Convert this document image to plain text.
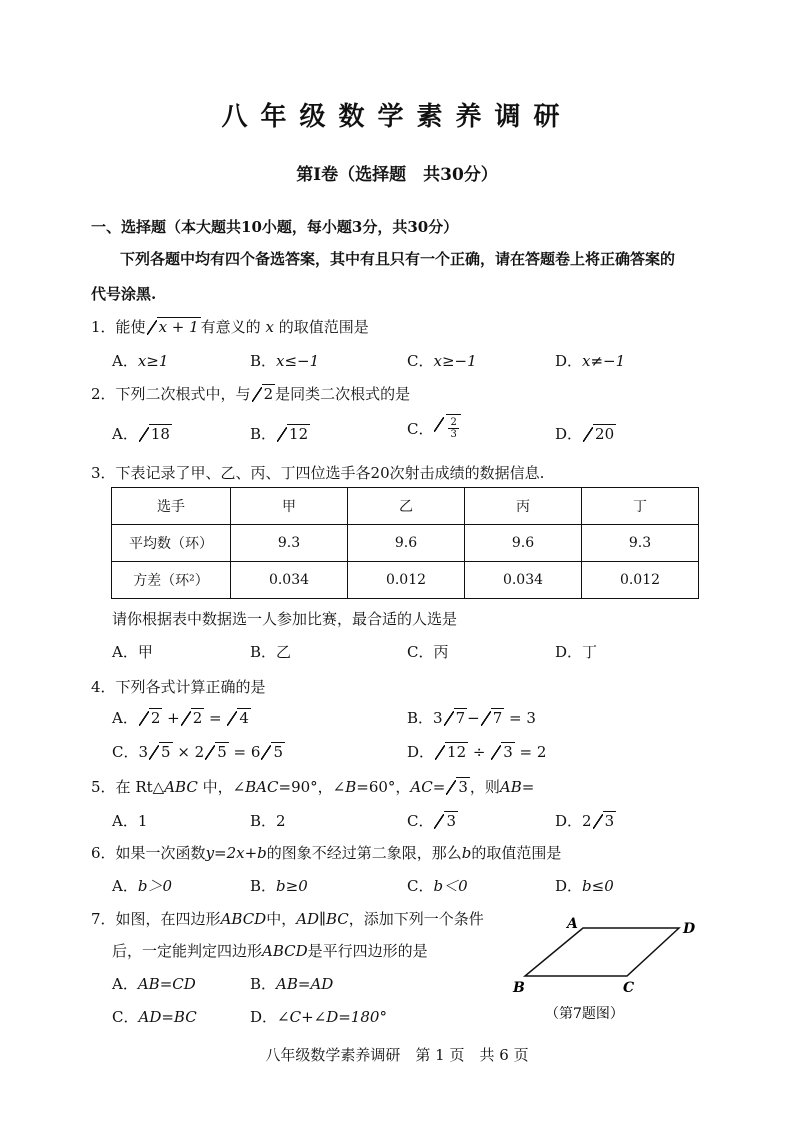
八年级数学素养调研
第Ⅰ卷（选择题　共30分）
一、选择题（本大题共10小题，每小题3分，共30分）
下列各题中均有四个备选答案，其中有且只有一个正确，请在答题卷上将正确答案的
代号涂黑.
1．能使 x + 1 有意义的 x 的取值范围是
A．x≥1	B．x≤−1	C．x≥−1	D．x≠−1
2．下列二次根式中，与 2 是同类二次根式的是
A． 18	B． 12	C． $\frac{2}{3}$	D． 20
3．下表记录了甲、乙、丙、丁四位选手各20次射击成绩的数据信息.
选手	甲	乙	丙	丁
平均数（环）	9.3	9.6	9.6	9.3
方差（环²）	0.034	0.012	0.034	0.012
请你根据表中数据选一人参加比赛，最合适的人选是
A．甲	B．乙	C．丙	D．丁
4．下列各式计算正确的是
A． 2 + 2 = 4	B．3 7 − 7 = 3
C．3 5 × 2 5 = 6 5	D． 12 ÷ 3 = 2
5．在 Rt△ABC 中，∠BAC=90°，∠B=60°，AC= 3 ，则AB=
A．1	B．2	C． 3	D．2 3
6．如果一次函数y=2x+b的图象不经过第二象限，那么b的取值范围是
A．b＞0	B．b≥0	C．b＜0	D．b≤0
7．如图，在四边形ABCD中，AD∥BC，添加下列一个条件
后，一定能判定四边形ABCD是平行四边形的是
A．AB=CD	B．AB=AD
C．AD=BC	D．∠C+∠D=180°
A	D
B	C
（第7题图）
八年级数学素养调研　第 1 页　共 6 页
